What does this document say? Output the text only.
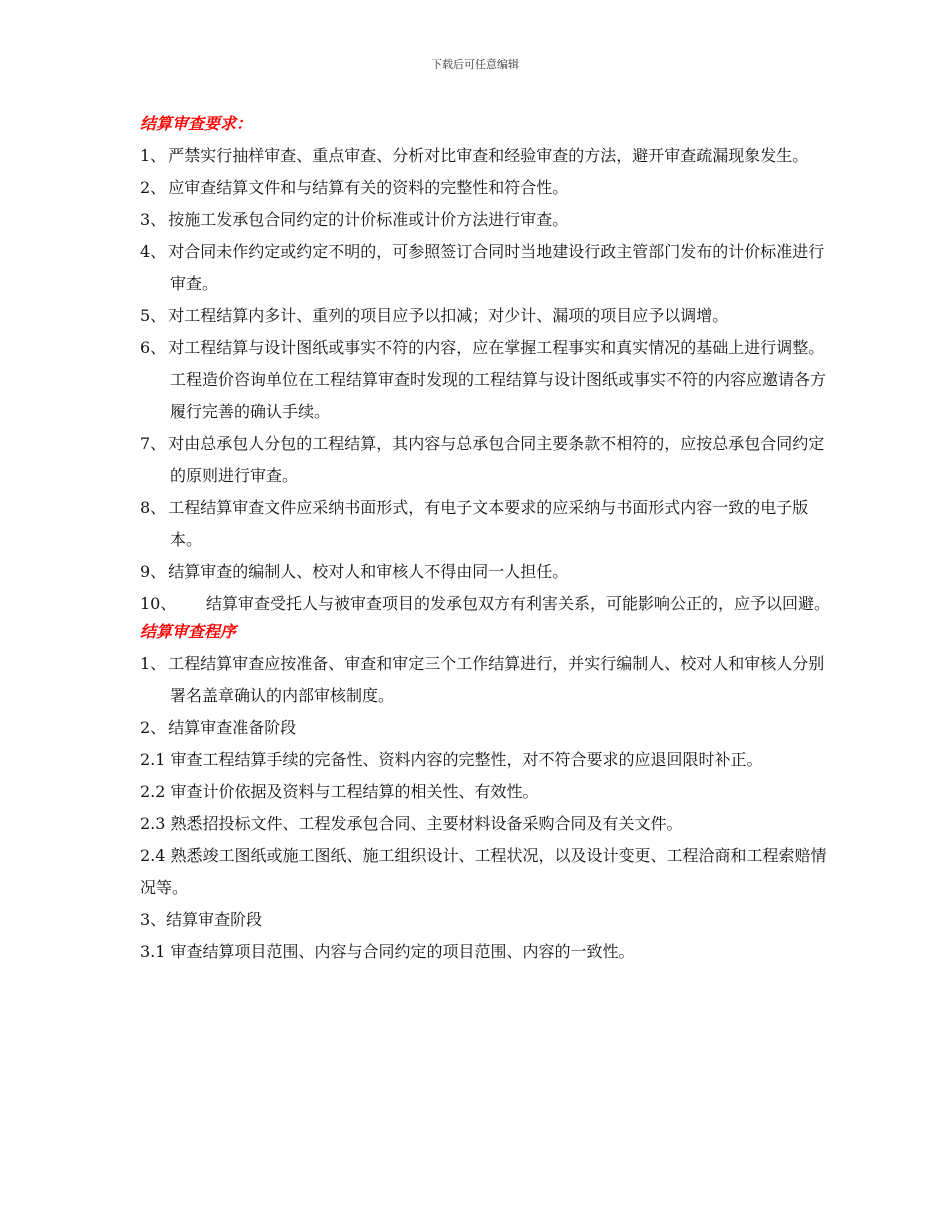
下载后可任意编辑
结算审查要求：

1、 严禁实行抽样审查、重点审查、分析对比审查和经验审查的方法，避开审查疏漏现象发生。

2、 应审查结算文件和与结算有关的资料的完整性和符合性。

3、 按施工发承包合同约定的计价标准或计价方法进行审查。

4、 对合同未作约定或约定不明的，可参照签订合同时当地建设行政主管部门发布的计价标准进行审查。

5、 对工程结算内多计、重列的项目应予以扣减；对少计、漏项的项目应予以调增。

6、 对工程结算与设计图纸或事实不符的内容，应在掌握工程事实和真实情况的基础上进行调整。工程造价咨询单位在工程结算审查时发现的工程结算与设计图纸或事实不符的内容应邀请各方履行完善的确认手续。

7、 对由总承包人分包的工程结算，其内容与总承包合同主要条款不相符的，应按总承包合同约定的原则进行审查。

8、 工程结算审查文件应采纳书面形式，有电子文本要求的应采纳与书面形式内容一致的电子版本。

9、 结算审查的编制人、校对人和审核人不得由同一人担任。

10、 结算审查受托人与被审查项目的发承包双方有利害关系，可能影响公正的，应予以回避。

结算审查程序

1、 工程结算审查应按准备、审查和审定三个工作结算进行，并实行编制人、校对人和审核人分别署名盖章确认的内部审核制度。

2、 结算审查准备阶段

2.1 审查工程结算手续的完备性、资料内容的完整性，对不符合要求的应退回限时补正。

2.2 审查计价依据及资料与工程结算的相关性、有效性。

2.3 熟悉招投标文件、工程发承包合同、主要材料设备采购合同及有关文件。

2.4 熟悉竣工图纸或施工图纸、施工组织设计、工程状况，以及设计变更、工程洽商和工程索赔情况等。

3、结算审查阶段

3.1 审查结算项目范围、内容与合同约定的项目范围、内容的一致性。
